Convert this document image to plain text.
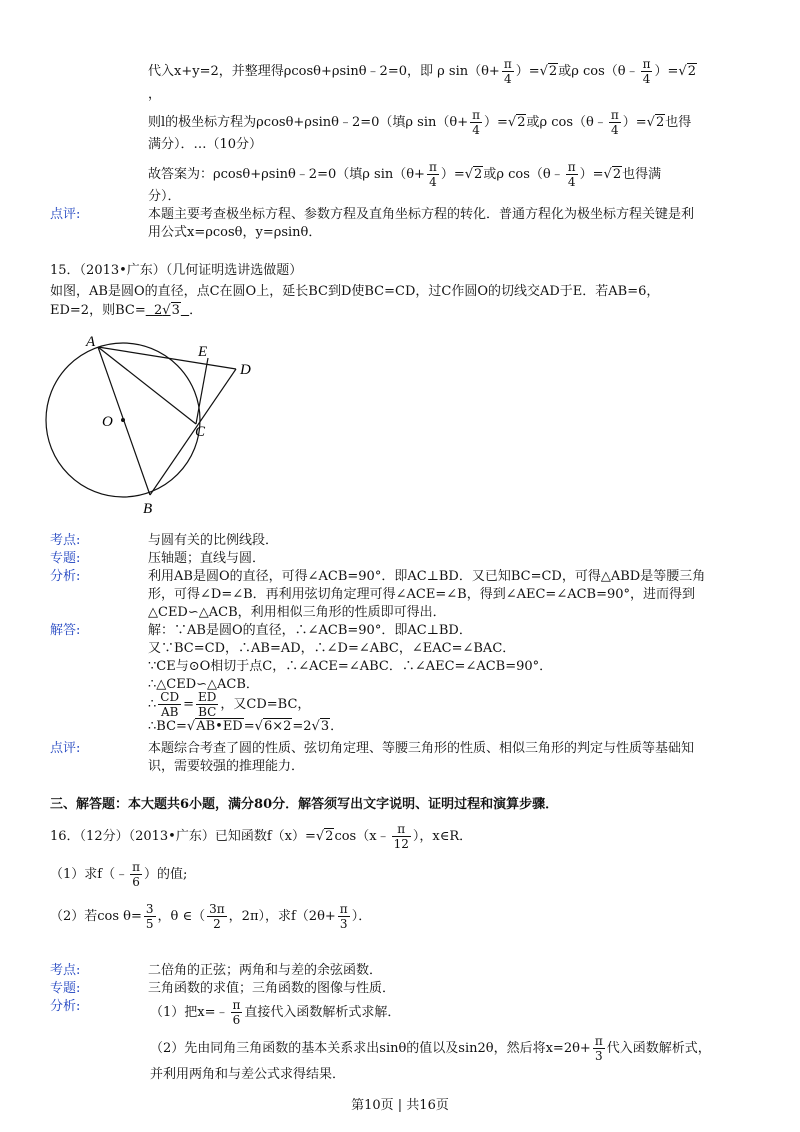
代入x+y=2，并整理得ρcosθ+ρsinθ﹣2=0，即 ρ $\sin(\theta+ \frac{\pi}{4} )=√2$或ρ cos（θ﹣ $\frac{\pi}{4} )=√2$
，
则l的极坐标方程为ρcosθ+ρsinθ﹣2=0（填ρ $\sin(\theta+ \frac{\pi}{4} )=√2$或ρ cos（θ﹣ $\frac{\pi}{4} )=√2$也得
满分）．…（10分）
故答案为：ρcosθ+ρsinθ﹣2=0（填ρ $\sin(\theta+ \frac{\pi}{4} )=√2$或ρ cos（θ﹣ $\frac{\pi}{4} )=√2$也得满
分）．
点评:	本题主要考查极坐标方程、参数方程及直角坐标方程的转化．普通方程化为极坐标方程关键是利
用公式x=ρcosθ，y=ρsinθ．
15．（2013•广东）（几何证明选讲选做题）
如图，AB是圆O的直径，点C在圆O上，延长BC到D使BC=CD，过C作圆O的切线交AD于E．若AB=6，
ED=2，则BC= 2√3 ．
A
E
D
O
C
B
考点:	与圆有关的比例线段．
专题:	压轴题；直线与圆．
分析:	利用AB是圆O的直径，可得∠ACB=90°．即AC⊥BD．又已知BC=CD，可得△ABD是等腰三角
形，可得∠D=∠B．再利用弦切角定理可得∠ACE=∠B，得到∠AEC=∠ACB=90°，进而得到
△CED∽△ACB，利用相似三角形的性质即可得出．
解答:	解：∵AB是圆O的直径，∴∠ACB=90°．即AC⊥BD．
又∵BC=CD，∴AB=AD，∴∠D=∠ABC，∠EAC=∠BAC．
∵CE与⊙O相切于点C，∴∠ACE=∠ABC．∴∠AEC=∠ACB=90°．
∴△CED∽△ACB．
∴ $\frac{CD}{AB} = \frac{ED}{BC}$ ，又CD=BC，
∴BC=√AB•ED=√6×2=2√3．
点评:	本题综合考查了圆的性质、弦切角定理、等腰三角形的性质、相似三角形的判定与性质等基础知
识，需要较强的推理能力．
三、解答题：本大题共6小题，满分80分．解答须写出文字说明、证明过程和演算步骤．
16．（12分）（2013•广东）已知函数f（x）=√2cos（x﹣ $\frac{\pi}{12}$ ），x∈R．
（1）求f（﹣ $\frac{\pi}{6}$ ）的值;
（2）若$\cos \theta= \frac{3}{5}$ ，θ ∈（ $\frac{3\pi}{2}$ ，2π），求$f(2\theta+ \frac{\pi}{3}$ ）．
考点:	二倍角的正弦；两角和与差的余弦函数．
专题:	三角函数的求值；三角函数的图像与性质．
分析:	（1）把x=﹣ $\frac{\pi}{6}$ 直接代入函数解析式求解．
（2）先由同角三角函数的基本关系求出sinθ的值以及sin2θ，然后将$x=2\theta+ \frac{\pi}{3}$ 代入函数解析式，
并利用两角和与差公式求得结果．
第10页 | 共16页
